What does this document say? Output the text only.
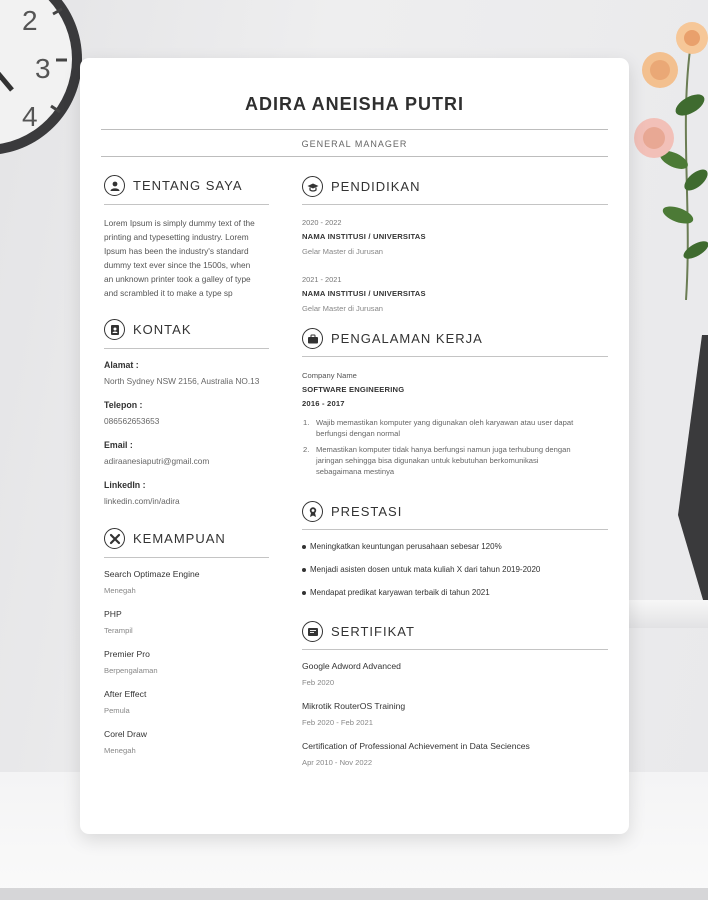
2
3
4	ADIRA ANEISHA PUTRI
GENERAL MANAGER
TENTANG SAYA
Lorem Ipsum is simply dummy text of the
printing and typesetting industry. Lorem
Ipsum has been the industry's standard
dummy text ever since the 1500s, when
an unknown printer took a galley of type
and scrambled it to make a type sp
KONTAK
Alamat :
North Sydney NSW 2156, Australia NO.13
Telepon :
086562653653
Email :
adiraanesiaputri@gmail.com
LinkedIn :
linkedin.com/in/adira
KEMAMPUAN
Search Optimaze Engine
Menegah
PHP
Terampil
Premier Pro
Berpengalaman
After Effect
Pemula
Corel Draw
Menegah
PENDIDIKAN
2020 - 2022
NAMA INSTITUSI / UNIVERSITAS
Gelar Master di Jurusan
2021 - 2021
NAMA INSTITUSI / UNIVERSITAS
Gelar Master di Jurusan
PENGALAMAN KERJA
Company Name
SOFTWARE ENGINEERING
2016 - 2017
1. Wajib memastikan komputer yang digunakan oleh karyawan atau user dapat
berfungsi dengan normal
2. Memastikan komputer tidak hanya berfungsi namun juga terhubung dengan
jaringan sehingga bisa digunakan untuk kebutuhan berkomunikasi
sebagaimana mestinya
PRESTASI
Meningkatkan keuntungan perusahaan sebesar 120%
Menjadi asisten dosen untuk mata kuliah X dari tahun 2019-2020
Mendapat predikat karyawan terbaik di tahun 2021
SERTIFIKAT
Google Adword Advanced
Feb 2020
Mikrotik RouterOS Training
Feb 2020 - Feb 2021
Certification of Professional Achievement in Data Seciences
Apr 2010 - Nov 2022
